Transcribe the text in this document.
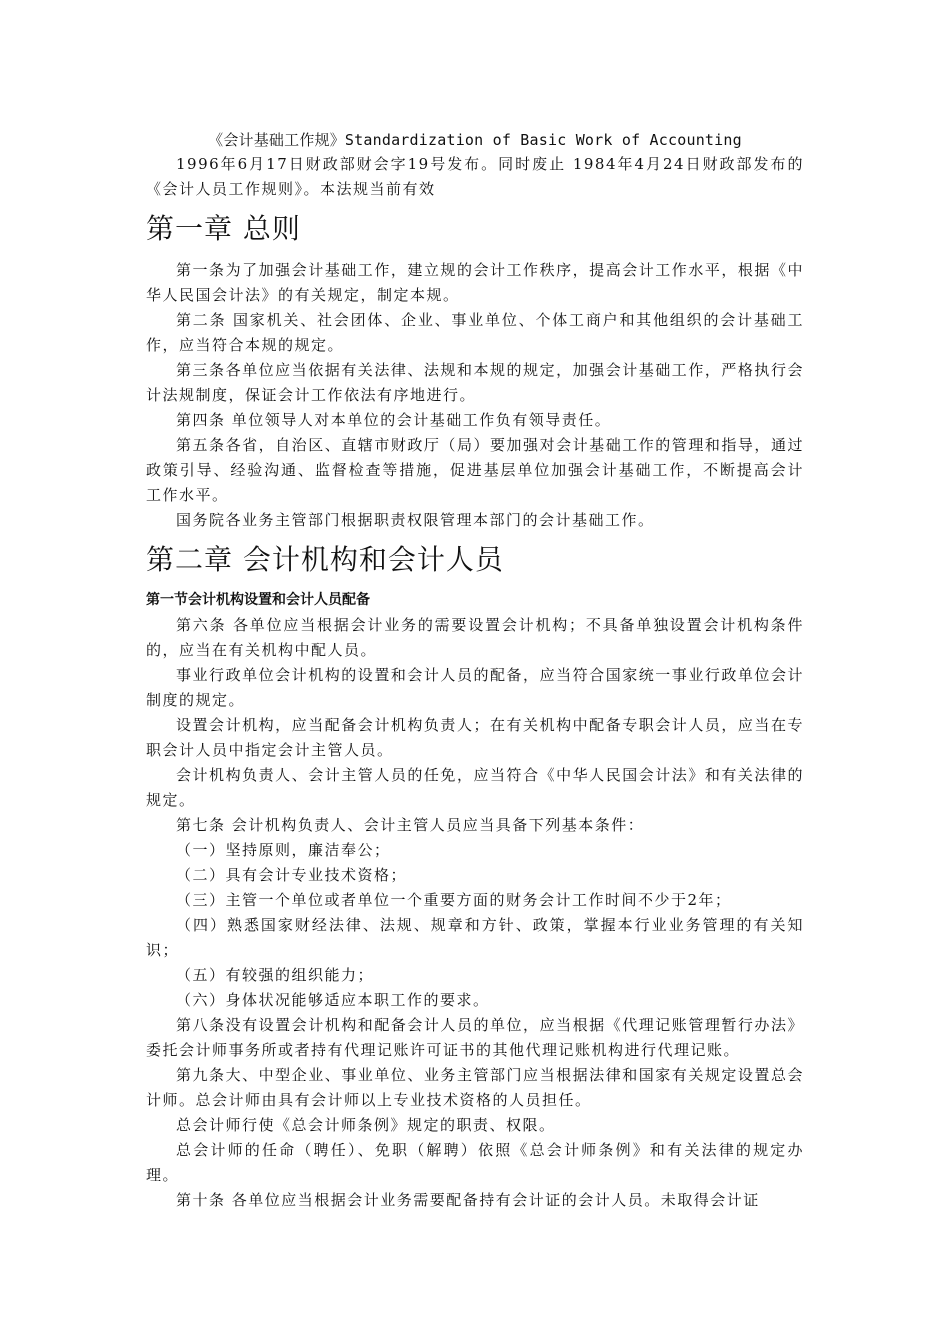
《会计基础工作规》Standardization of Basic Work of Accounting

1996年6月17日财政部财会字19号发布。同时废止 1984年4月24日财政部发布的《会计人员工作规则》。本法规当前有效

第一章 总则

第一条为了加强会计基础工作，建立规的会计工作秩序，提高会计工作水平，根据《中华人民国会计法》的有关规定，制定本规。

第二条 国家机关、社会团体、企业、事业单位、个体工商户和其他组织的会计基础工作，应当符合本规的规定。

第三条各单位应当依据有关法律、法规和本规的规定，加强会计基础工作，严格执行会计法规制度，保证会计工作依法有序地进行。

第四条 单位领导人对本单位的会计基础工作负有领导责任。

第五条各省，自治区、直辖市财政厅（局）要加强对会计基础工作的管理和指导，通过政策引导、经验沟通、监督检查等措施，促进基层单位加强会计基础工作，不断提高会计工作水平。

国务院各业务主管部门根据职责权限管理本部门的会计基础工作。

第二章 会计机构和会计人员
第一节会计机构设置和会计人员配备

第六条 各单位应当根据会计业务的需要设置会计机构；不具备单独设置会计机构条件的，应当在有关机构中配人员。

事业行政单位会计机构的设置和会计人员的配备，应当符合国家统一事业行政单位会计制度的规定。

设置会计机构，应当配备会计机构负责人；在有关机构中配备专职会计人员，应当在专职会计人员中指定会计主管人员。

会计机构负责人、会计主管人员的任免，应当符合《中华人民国会计法》和有关法律的规定。

第七条 会计机构负责人、会计主管人员应当具备下列基本条件：

（一）坚持原则，廉洁奉公；

（二）具有会计专业技术资格；

（三）主管一个单位或者单位一个重要方面的财务会计工作时间不少于2年；

（四）熟悉国家财经法律、法规、规章和方针、政策，掌握本行业业务管理的有关知识；

（五）有较强的组织能力；

（六）身体状况能够适应本职工作的要求。

第八条没有设置会计机构和配备会计人员的单位，应当根据《代理记账管理暂行办法》委托会计师事务所或者持有代理记账许可证书的其他代理记账机构进行代理记账。

第九条大、中型企业、事业单位、业务主管部门应当根据法律和国家有关规定设置总会计师。总会计师由具有会计师以上专业技术资格的人员担任。

总会计师行使《总会计师条例》规定的职责、权限。

总会计师的任命（聘任）、免职（解聘）依照《总会计师条例》和有关法律的规定办理。

第十条 各单位应当根据会计业务需要配备持有会计证的会计人员。未取得会计证
